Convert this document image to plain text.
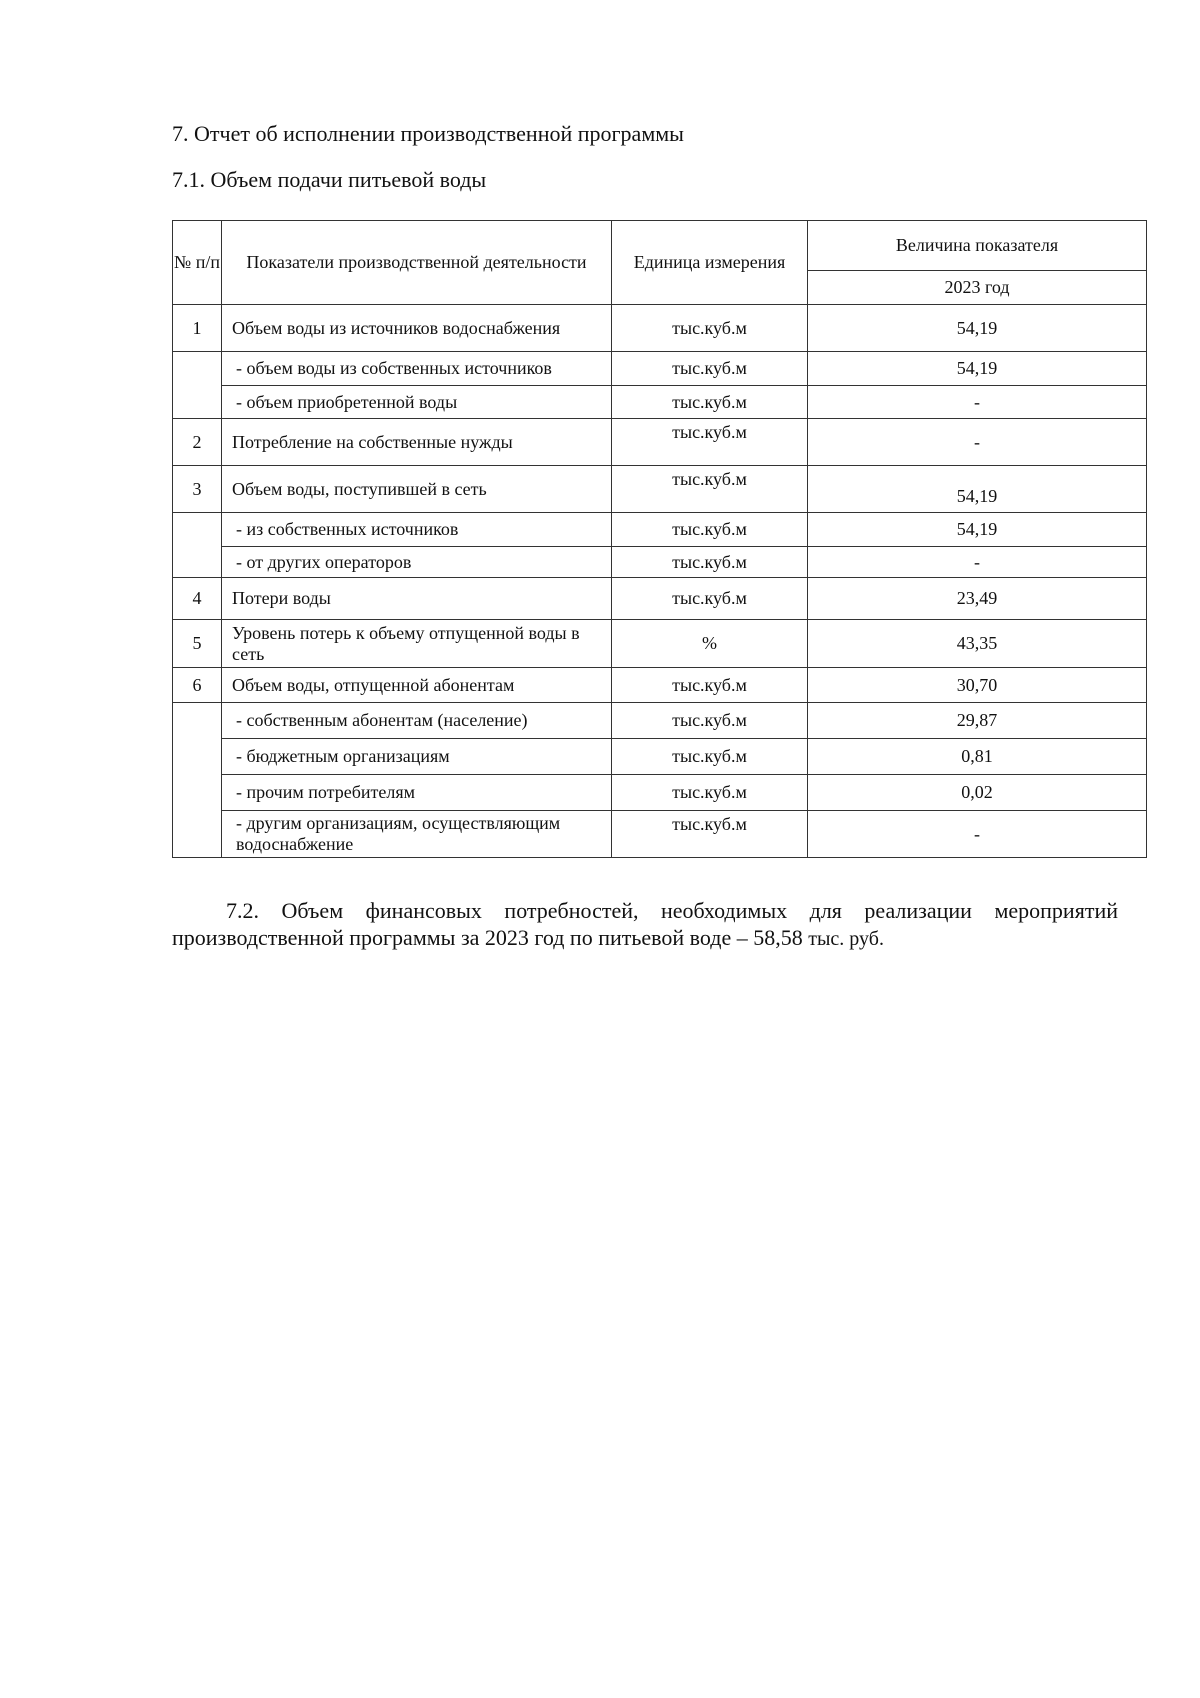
7. Отчет об исполнении производственной программы
7.1. Объем подачи питьевой воды
№ п/п	Показатели производственной деятельности	Единица измерения	Величина показателя
			2023 год
1	Объем воды из источников водоснабжения	тыс.куб.м	54,19
	- объем воды из собственных источников	тыс.куб.м	54,19
	- объем приобретенной воды	тыс.куб.м	-
2	Потребление на собственные нужды	тыс.куб.м	-
3	Объем воды, поступившей в сеть	тыс.куб.м	54,19
	- из собственных источников	тыс.куб.м	54,19
	- от других операторов	тыс.куб.м	-
4	Потери воды	тыс.куб.м	23,49
5	Уровень потерь к объему отпущенной воды в сеть	%	43,35
6	Объем воды, отпущенной абонентам	тыс.куб.м	30,70
	- собственным абонентам (население)	тыс.куб.м	29,87
	- бюджетным организациям	тыс.куб.м	0,81
	- прочим потребителям	тыс.куб.м	0,02
	- другим организациям, осуществляющим водоснабжение	тыс.куб.м	-
7.2. Объем финансовых потребностей, необходимых для реализации мероприятий производственной программы за 2023 год по питьевой воде – 58,58 тыс. руб.
